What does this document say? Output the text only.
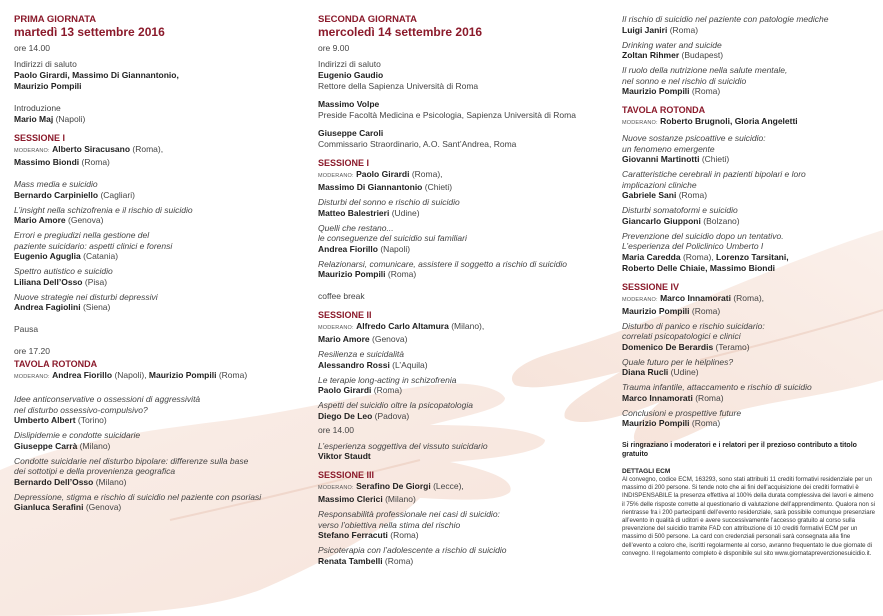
PRIMA GIORNATA
martedì 13 settembre 2016
ore 14.00
Indirizzi di saluto
Paolo Girardi, Massimo Di Giannantonio,
Maurizio Pompili
Introduzione
Mario Maj (Napoli)
SESSIONE I
MODERANO: Alberto Siracusano (Roma),
Massimo Biondi (Roma)
Mass media e suicidio
Bernardo Carpiniello (Cagliari)
L’insight nella schizofrenia e il rischio di suicidio
Mario Amore (Genova)
Errori e pregiudizi nella gestione del
paziente suicidario: aspetti clinici e forensi
Eugenio Aguglia (Catania)
Spettro autistico e suicidio
Liliana Dell’Osso (Pisa)
Nuove strategie nei disturbi depressivi
Andrea Fagiolini (Siena)
Pausa
ore 17.20
TAVOLA ROTONDA
MODERANO: Andrea Fiorillo (Napoli), Maurizio Pompili (Roma)
Idee anticonservative o ossessioni di aggressività
nel disturbo ossessivo-compulsivo?
Umberto Albert (Torino)
Dislipidemie e condotte suicidarie
Giuseppe Carrà (Milano)
Condotte suicidarie nel disturbo bipolare: differenze sulla base
dei sottotipi e della provenienza geografica
Bernardo Dell’Osso (Milano)
Depressione, stigma e rischio di suicidio nel paziente con psoriasi
Gianluca Serafini (Genova)
SECONDA GIORNATA
mercoledì 14 settembre 2016
ore 9.00
Indirizzi di saluto
Eugenio Gaudio
Rettore della Sapienza Università di Roma
Massimo Volpe
Preside Facoltà Medicina e Psicologia, Sapienza Università di Roma
Giuseppe Caroli
Commissario Straordinario, A.O. Sant’Andrea, Roma
SESSIONE I
MODERANO: Paolo Girardi (Roma),
Massimo Di Giannantonio (Chieti)
Disturbi del sonno e rischio di suicidio
Matteo Balestrieri (Udine)
Quelli che restano...
le conseguenze del suicidio sui familiari
Andrea Fiorillo (Napoli)
Relazionarsi, comunicare, assistere il soggetto a rischio di suicidio
Maurizio Pompili (Roma)
coffee break
SESSIONE II
MODERANO: Alfredo Carlo Altamura (Milano),
Mario Amore (Genova)
Resilienza e suicidalità
Alessandro Rossi (L’Aquila)
Le terapie long-acting in schizofrenia
Paolo Girardi (Roma)
Aspetti del suicidio oltre la psicopatologia
Diego De Leo (Padova)
ore 14.00
L’esperienza soggettiva del vissuto suicidario
Viktor Staudt
SESSIONE III
MODERANO: Serafino De Giorgi (Lecce),
Massimo Clerici (Milano)
Responsabilità professionale nei casi di suicidio:
verso l’obiettiva nella stima del rischio
Stefano Ferracuti (Roma)
Psicoterapia con l’adolescente a rischio di suicidio
Renata Tambelli (Roma)
Il rischio di suicidio nel paziente con patologie mediche
Luigi Janiri (Roma)
Drinking water and suicide
Zoltan Rihmer (Budapest)
Il ruolo della nutrizione nella salute mentale,
nel sonno e nel rischio di suicidio
Maurizio Pompili (Roma)
TAVOLA ROTONDA
MODERANO: Roberto Brugnoli, Gloria Angeletti
Nuove sostanze psicoattive e suicidio:
un fenomeno emergente
Giovanni Martinotti (Chieti)
Caratteristiche cerebrali in pazienti bipolari e loro
implicazioni cliniche
Gabriele Sani (Roma)
Disturbi somatoformi e suicidio
Giancarlo Giupponi (Bolzano)
Prevenzione del suicidio dopo un tentativo.
L’esperienza del Policlinico Umberto I
Maria Caredda (Roma), Lorenzo Tarsitani,
Roberto Delle Chiaie, Massimo Biondi
SESSIONE IV
MODERANO: Marco Innamorati (Roma),
Maurizio Pompili (Roma)
Disturbo di panico e rischio suicidario:
correlati psicopatologici e clinici
Domenico De Berardis (Teramo)
Quale futuro per le helplines?
Diana Rucli (Udine)
Trauma infantile, attaccamento e rischio di suicidio
Marco Innamorati (Roma)
Conclusioni e prospettive future
Maurizio Pompili (Roma)
Si ringraziano i moderatori e i relatori per il prezioso contributo a titolo gratuito
DETTAGLI ECM
Al convegno, codice ECM, 163293, sono stati attribuiti 11 crediti formativi residenziale per un massimo di 200 persone. Si tende noto che ai fini dell’acquisizione dei crediti formativi è INDISPENSABILE la presenza effettiva al 100% della durata complessiva dei lavori e almeno il 75% delle risposte corrette al questionario di valutazione dell’apprendimento. Qualora non si rientrasse fra i 200 partecipanti dell’evento residenziale, sarà possibile comunque presenziare all’evento in qualità di uditori e avere successivamente l’accesso gratuito al corso sulla prevenzione del suicidio tramite FAD con attribuzione di 10 crediti formativi ECM per un massimo di 500 persone. La card con credenziali personali sarà consegnata alla fine dell’evento a coloro che, iscritti regolarmente al corso, avranno frequentato le due giornate di convegno. Il regolamento completo è disponibile sul sito www.giornataprevenzionesuicidio.it.
